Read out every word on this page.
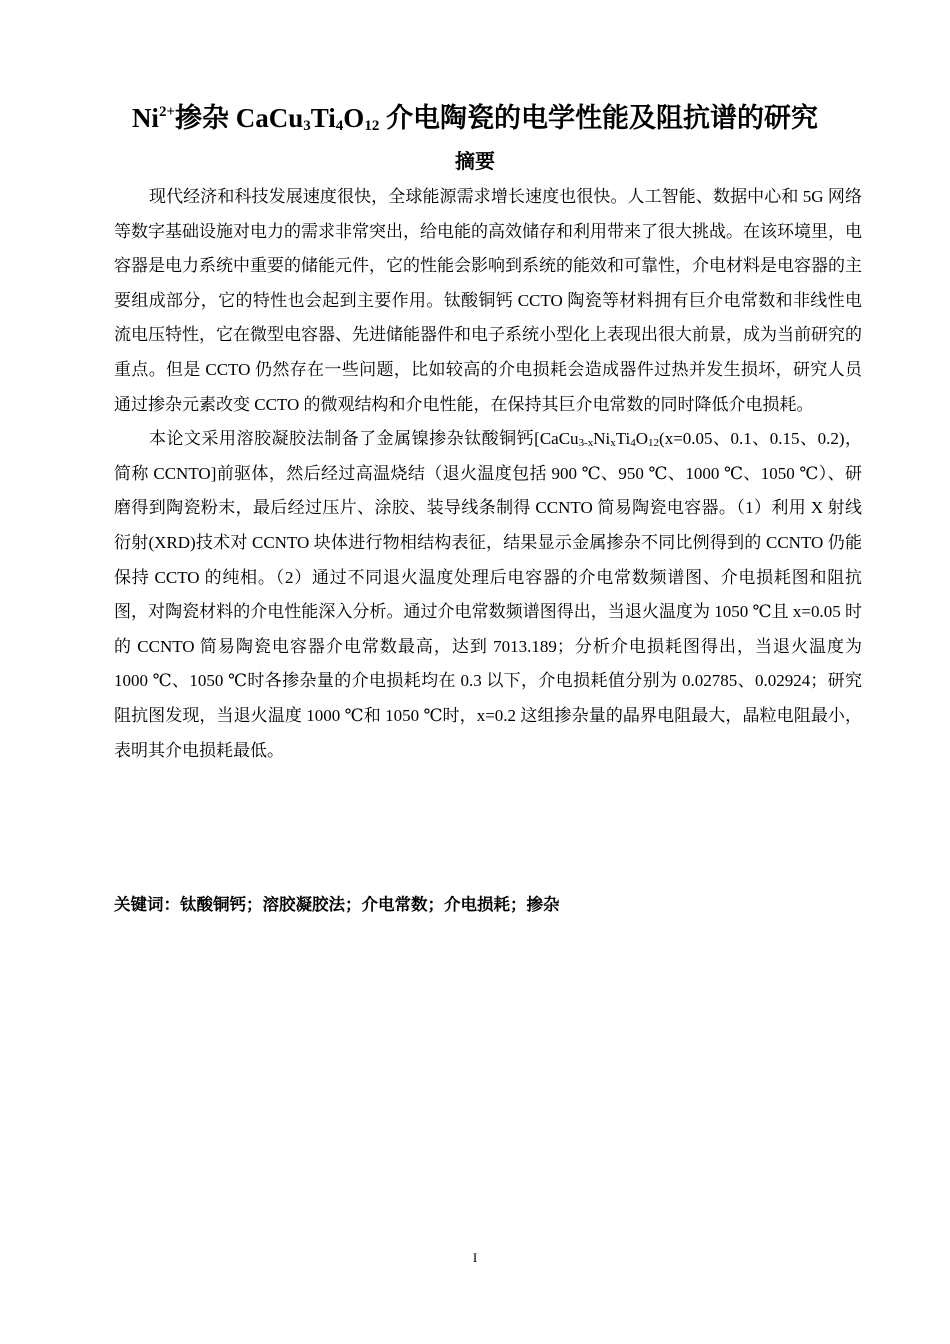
$Ni^{2+}$掺杂 $CaCu_3Ti_4O_{12}$ 介电陶瓷的电学性能及阻抗谱的研究
摘要

现代经济和科技发展速度很快，全球能源需求增长速度也很快。人工智能、数据中心和 5G 网络等数字基础设施对电力的需求非常突出，给电能的高效储存和利用带来了很大挑战。在该环境里，电容器是电力系统中重要的储能元件，它的性能会影响到系统的能效和可靠性，介电材料是电容器的主要组成部分，它的特性也会起到主要作用。钛酸铜钙 CCTO 陶瓷等材料拥有巨介电常数和非线性电流电压特性，它在微型电容器、先进储能器件和电子系统小型化上表现出很大前景，成为当前研究的重点。但是 CCTO 仍然存在一些问题，比如较高的介电损耗会造成器件过热并发生损坏，研究人员通过掺杂元素改变 CCTO 的微观结构和介电性能，在保持其巨介电常数的同时降低介电损耗。

本论文采用溶胶凝胶法制备了金属镍掺杂钛酸铜钙[$CaCu_{3-x}Ni_xTi_4O_{12}(x=0.05$、0.1、0.15、0.2)，简称 CCNTO]前驱体，然后经过高温烧结（退火温度包括 900 ℃、950 ℃、1000 ℃、1050 ℃）、研磨得到陶瓷粉末，最后经过压片、涂胶、装导线条制得 CCNTO 简易陶瓷电容器。（1）利用 X 射线衍射(XRD)技术对 CCNTO 块体进行物相结构表征，结果显示金属掺杂不同比例得到的 CCNTO 仍能保持 CCTO 的纯相。（2）通过不同退火温度处理后电容器的介电常数频谱图、介电损耗图和阻抗图，对陶瓷材料的介电性能深入分析。通过介电常数频谱图得出，当退火温度为 1050 ℃且 x=0.05 时的 CCNTO 简易陶瓷电容器介电常数最高，达到 7013.189；分析介电损耗图得出，当退火温度为 1000 ℃、1050 ℃时各掺杂量的介电损耗均在 0.3 以下，介电损耗值分别为 0.02785、0.02924；研究阻抗图发现，当退火温度 1000 ℃和 1050 ℃时，x=0.2 这组掺杂量的晶界电阻最大，晶粒电阻最小，表明其介电损耗最低。

关键词：钛酸铜钙；溶胶凝胶法；介电常数；介电损耗；掺杂
I
